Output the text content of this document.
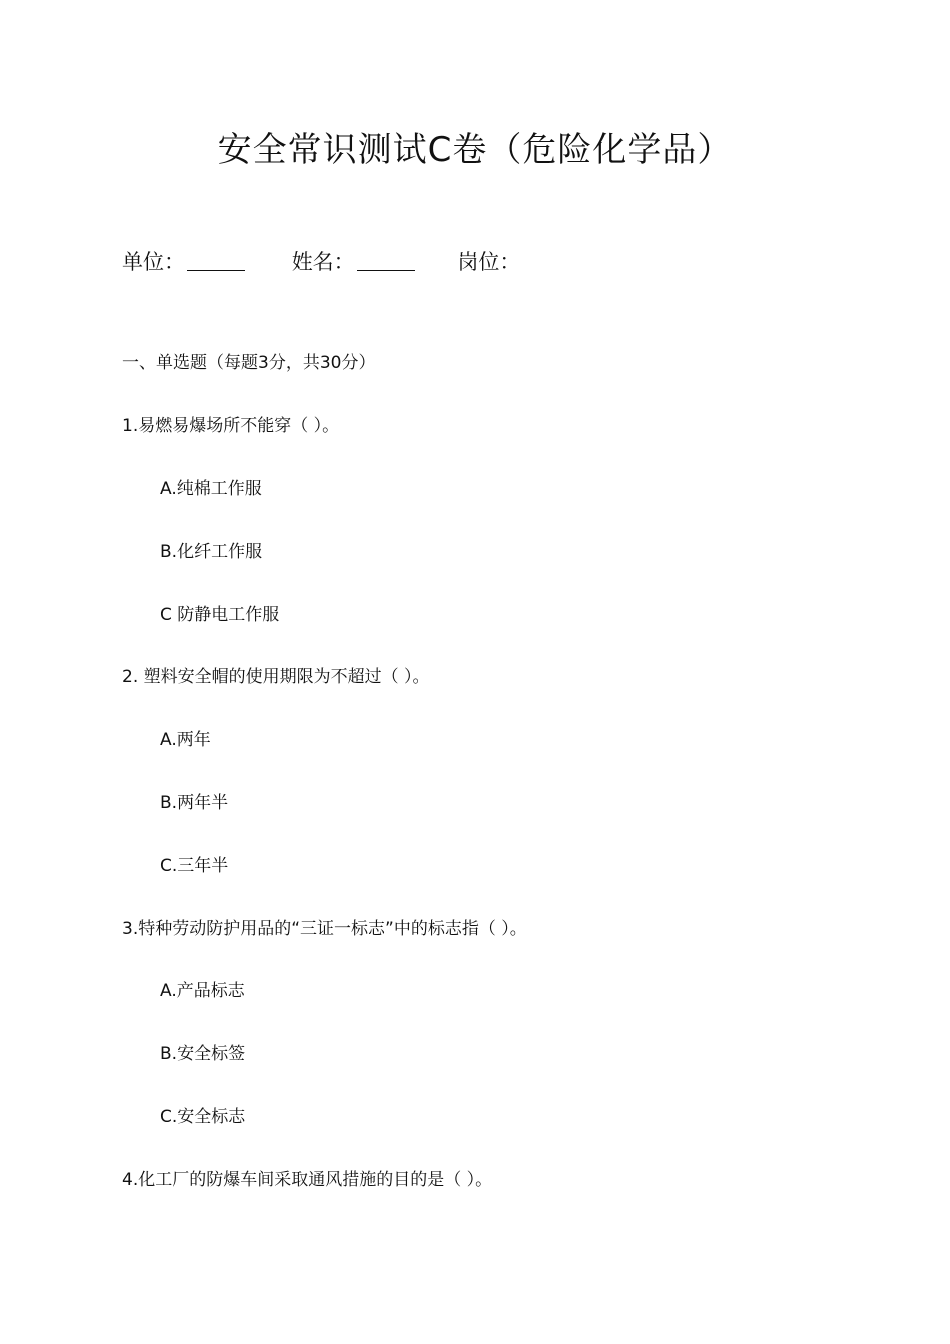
安全常识测试C卷（危险化学品）
单位：	姓名：	岗位：
一、单选题（每题3分，共30分）
1.易燃易爆场所不能穿（ ）。
A.纯棉工作服
B.化纤工作服
C 防静电工作服
2. 塑料安全帽的使用期限为不超过（ ）。
A.两年
B.两年半
C.三年半
3.特种劳动防护用品的“三证一标志”中的标志指（ ）。
A.产品标志
B.安全标签
C.安全标志
4.化工厂的防爆车间采取通风措施的目的是（ ）。
